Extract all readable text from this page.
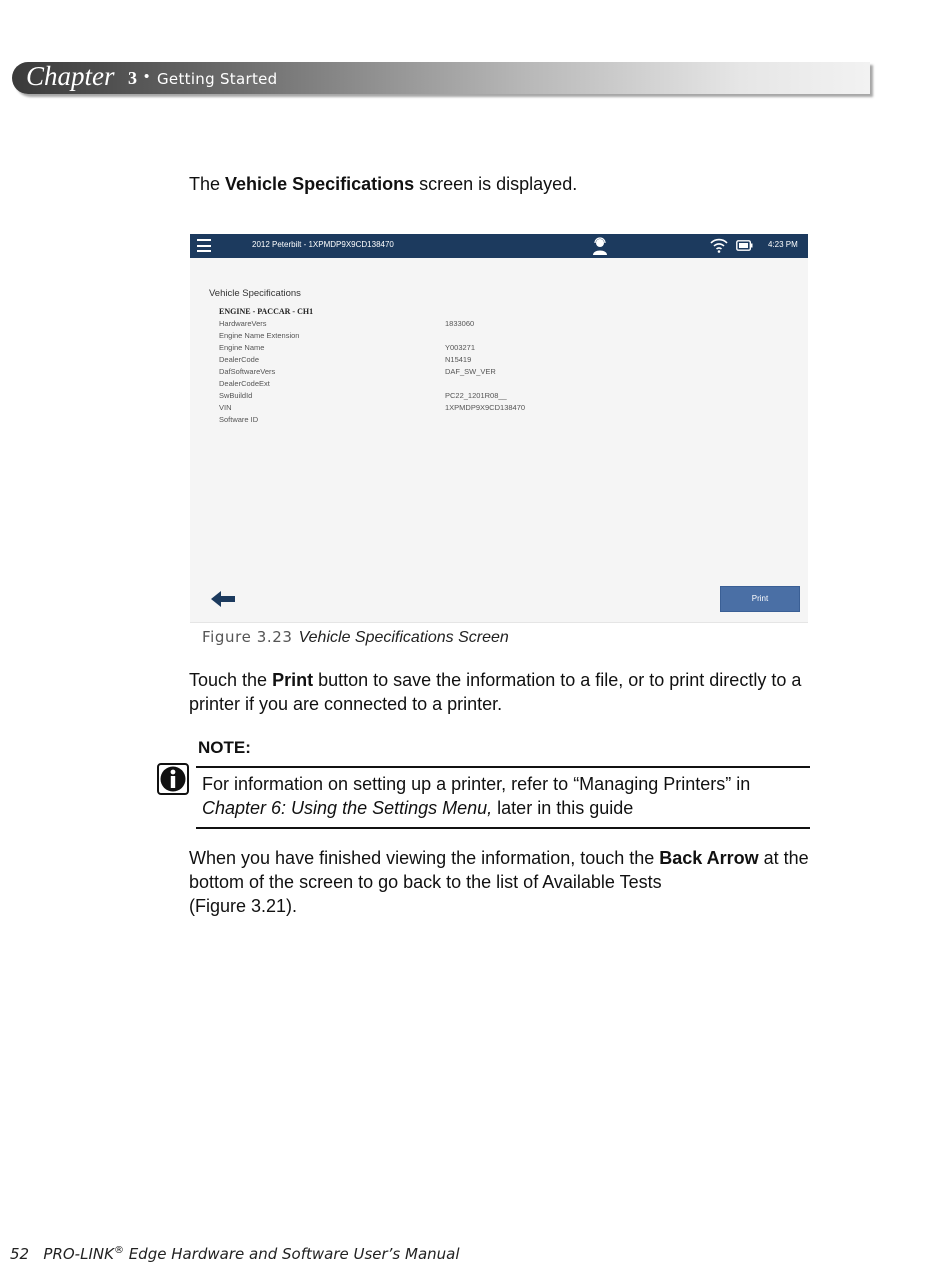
Chapter 3 • Getting Started
The Vehicle Specifications screen is displayed.
2012 Peterbilt - 1XPMDP9X9CD138470	4:23 PM
Vehicle Specifications
ENGINE - PACCAR - CH1
HardwareVers	1833060
Engine Name Extension
Engine Name	Y003271
DealerCode	N15419
DafSoftwareVers	DAF_SW_VER
DealerCodeExt
SwBuildId	PC22_1201R08__
VIN	1XPMDP9X9CD138470
Software ID
Print
Figure 3.23 Vehicle Specifications Screen
Touch the Print button to save the information to a file, or to print directly to a printer if you are connected to a printer.
NOTE:
For information on setting up a printer, refer to “Managing Printers” in
Chapter 6: Using the Settings Menu, later in this guide
When you have finished viewing the information, touch the Back Arrow at the bottom of the screen to go back to the list of Available Tests
(Figure 3.21).
52 PRO-LINK® Edge Hardware and Software User’s Manual
